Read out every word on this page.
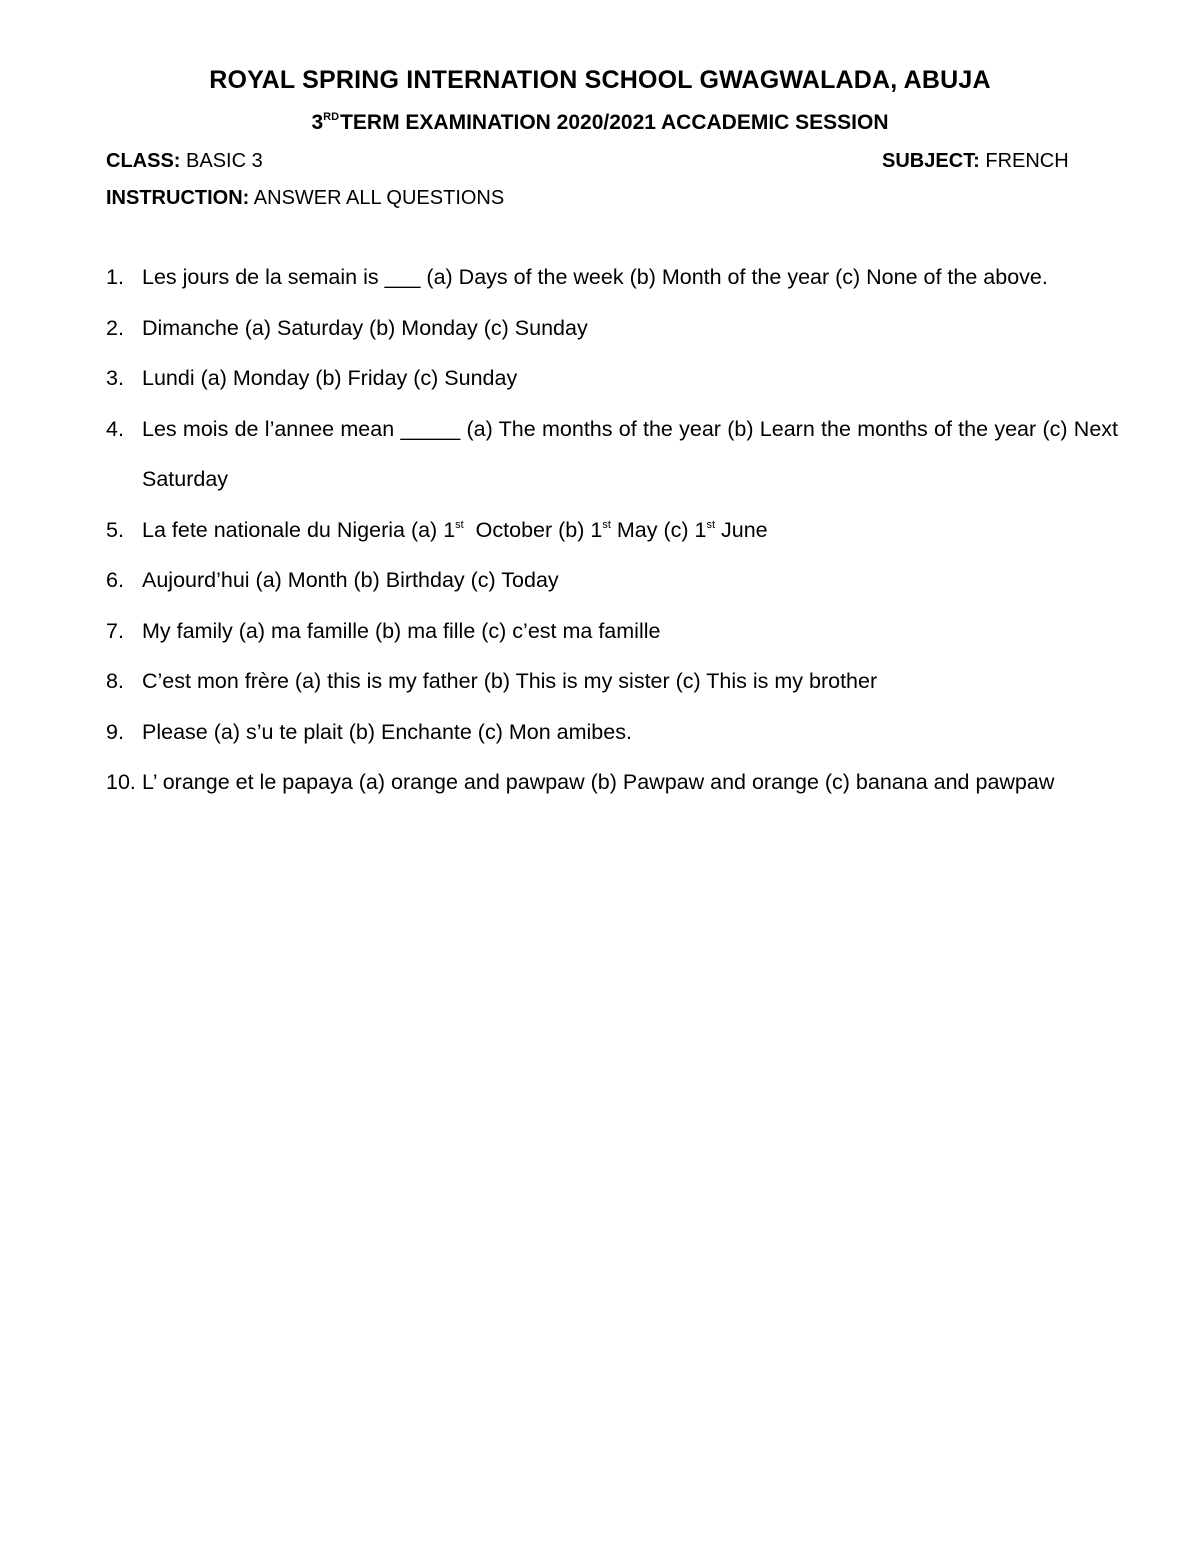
ROYAL SPRING INTERNATION SCHOOL GWAGWALADA, ABUJA
3RDTERM EXAMINATION 2020/2021 ACCADEMIC SESSION
CLASS: BASIC 3	SUBJECT: FRENCH
INSTRUCTION: ANSWER ALL QUESTIONS
1. Les jours de la semain is ___ (a) Days of the week (b) Month of the year (c) None of the above.
2. Dimanche (a) Saturday (b) Monday (c) Sunday
3. Lundi (a) Monday (b) Friday (c) Sunday
4. Les mois de l’annee mean _____ (a) The months of the year (b) Learn the months of the year (c) Next Saturday
5. La fete nationale du Nigeria (a) 1st  October (b) 1st May (c) 1st June
6. Aujourd’hui (a) Month (b) Birthday (c) Today
7. My family (a) ma famille (b) ma fille (c) c’est ma famille
8. C’est mon frère (a) this is my father (b) This is my sister (c) This is my brother
9. Please (a) s’u te plait (b) Enchante (c) Mon amibes.
10. L’ orange et le papaya (a) orange and pawpaw (b) Pawpaw and orange (c) banana and pawpaw
